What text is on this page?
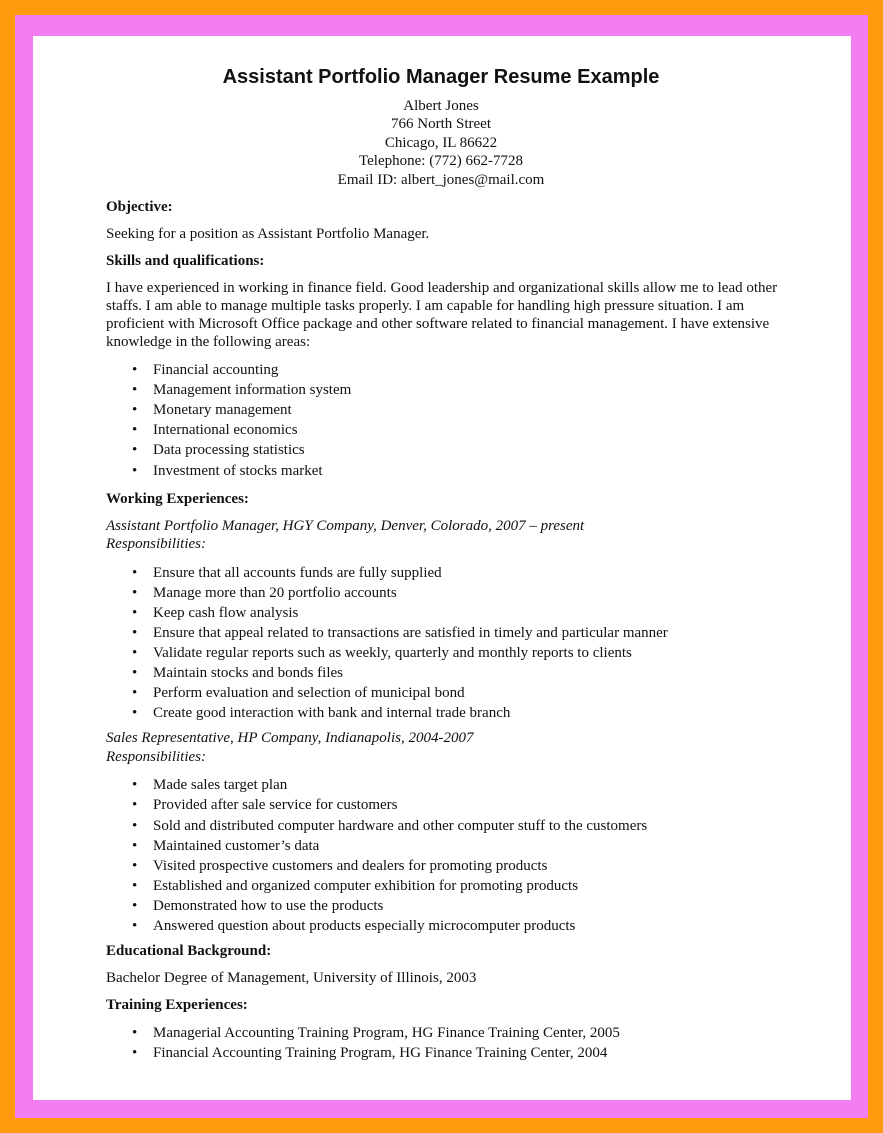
Assistant Portfolio Manager Resume Example
Albert Jones
766 North Street
Chicago, IL 86622
Telephone: (772) 662-7728
Email ID: albert_jones@mail.com

Objective:

Seeking for a position as Assistant Portfolio Manager.

Skills and qualifications:

I have experienced in working in finance field. Good leadership and organizational skills allow me to lead other staffs. I am able to manage multiple tasks properly. I am capable for handling high pressure situation. I am proficient with Microsoft Office package and other software related to financial management. I have extensive knowledge in the following areas:

• Financial accounting
• Management information system
• Monetary management
• International economics
• Data processing statistics
• Investment of stocks market

Working Experiences:

Assistant Portfolio Manager, HGY Company, Denver, Colorado, 2007 – present
Responsibilities:
• Ensure that all accounts funds are fully supplied
• Manage more than 20 portfolio accounts
• Keep cash flow analysis
• Ensure that appeal related to transactions are satisfied in timely and particular manner
• Validate regular reports such as weekly, quarterly and monthly reports to clients
• Maintain stocks and bonds files
• Perform evaluation and selection of municipal bond
• Create good interaction with bank and internal trade branch
Sales Representative, HP Company, Indianapolis, 2004-2007
Responsibilities:
• Made sales target plan
• Provided after sale service for customers
• Sold and distributed computer hardware and other computer stuff to the customers
• Maintained customer’s data
• Visited prospective customers and dealers for promoting products
• Established and organized computer exhibition for promoting products
• Demonstrated how to use the products
• Answered question about products especially microcomputer products

Educational Background:

Bachelor Degree of Management, University of Illinois, 2003

Training Experiences:

• Managerial Accounting Training Program, HG Finance Training Center, 2005
• Financial Accounting Training Program, HG Finance Training Center, 2004
